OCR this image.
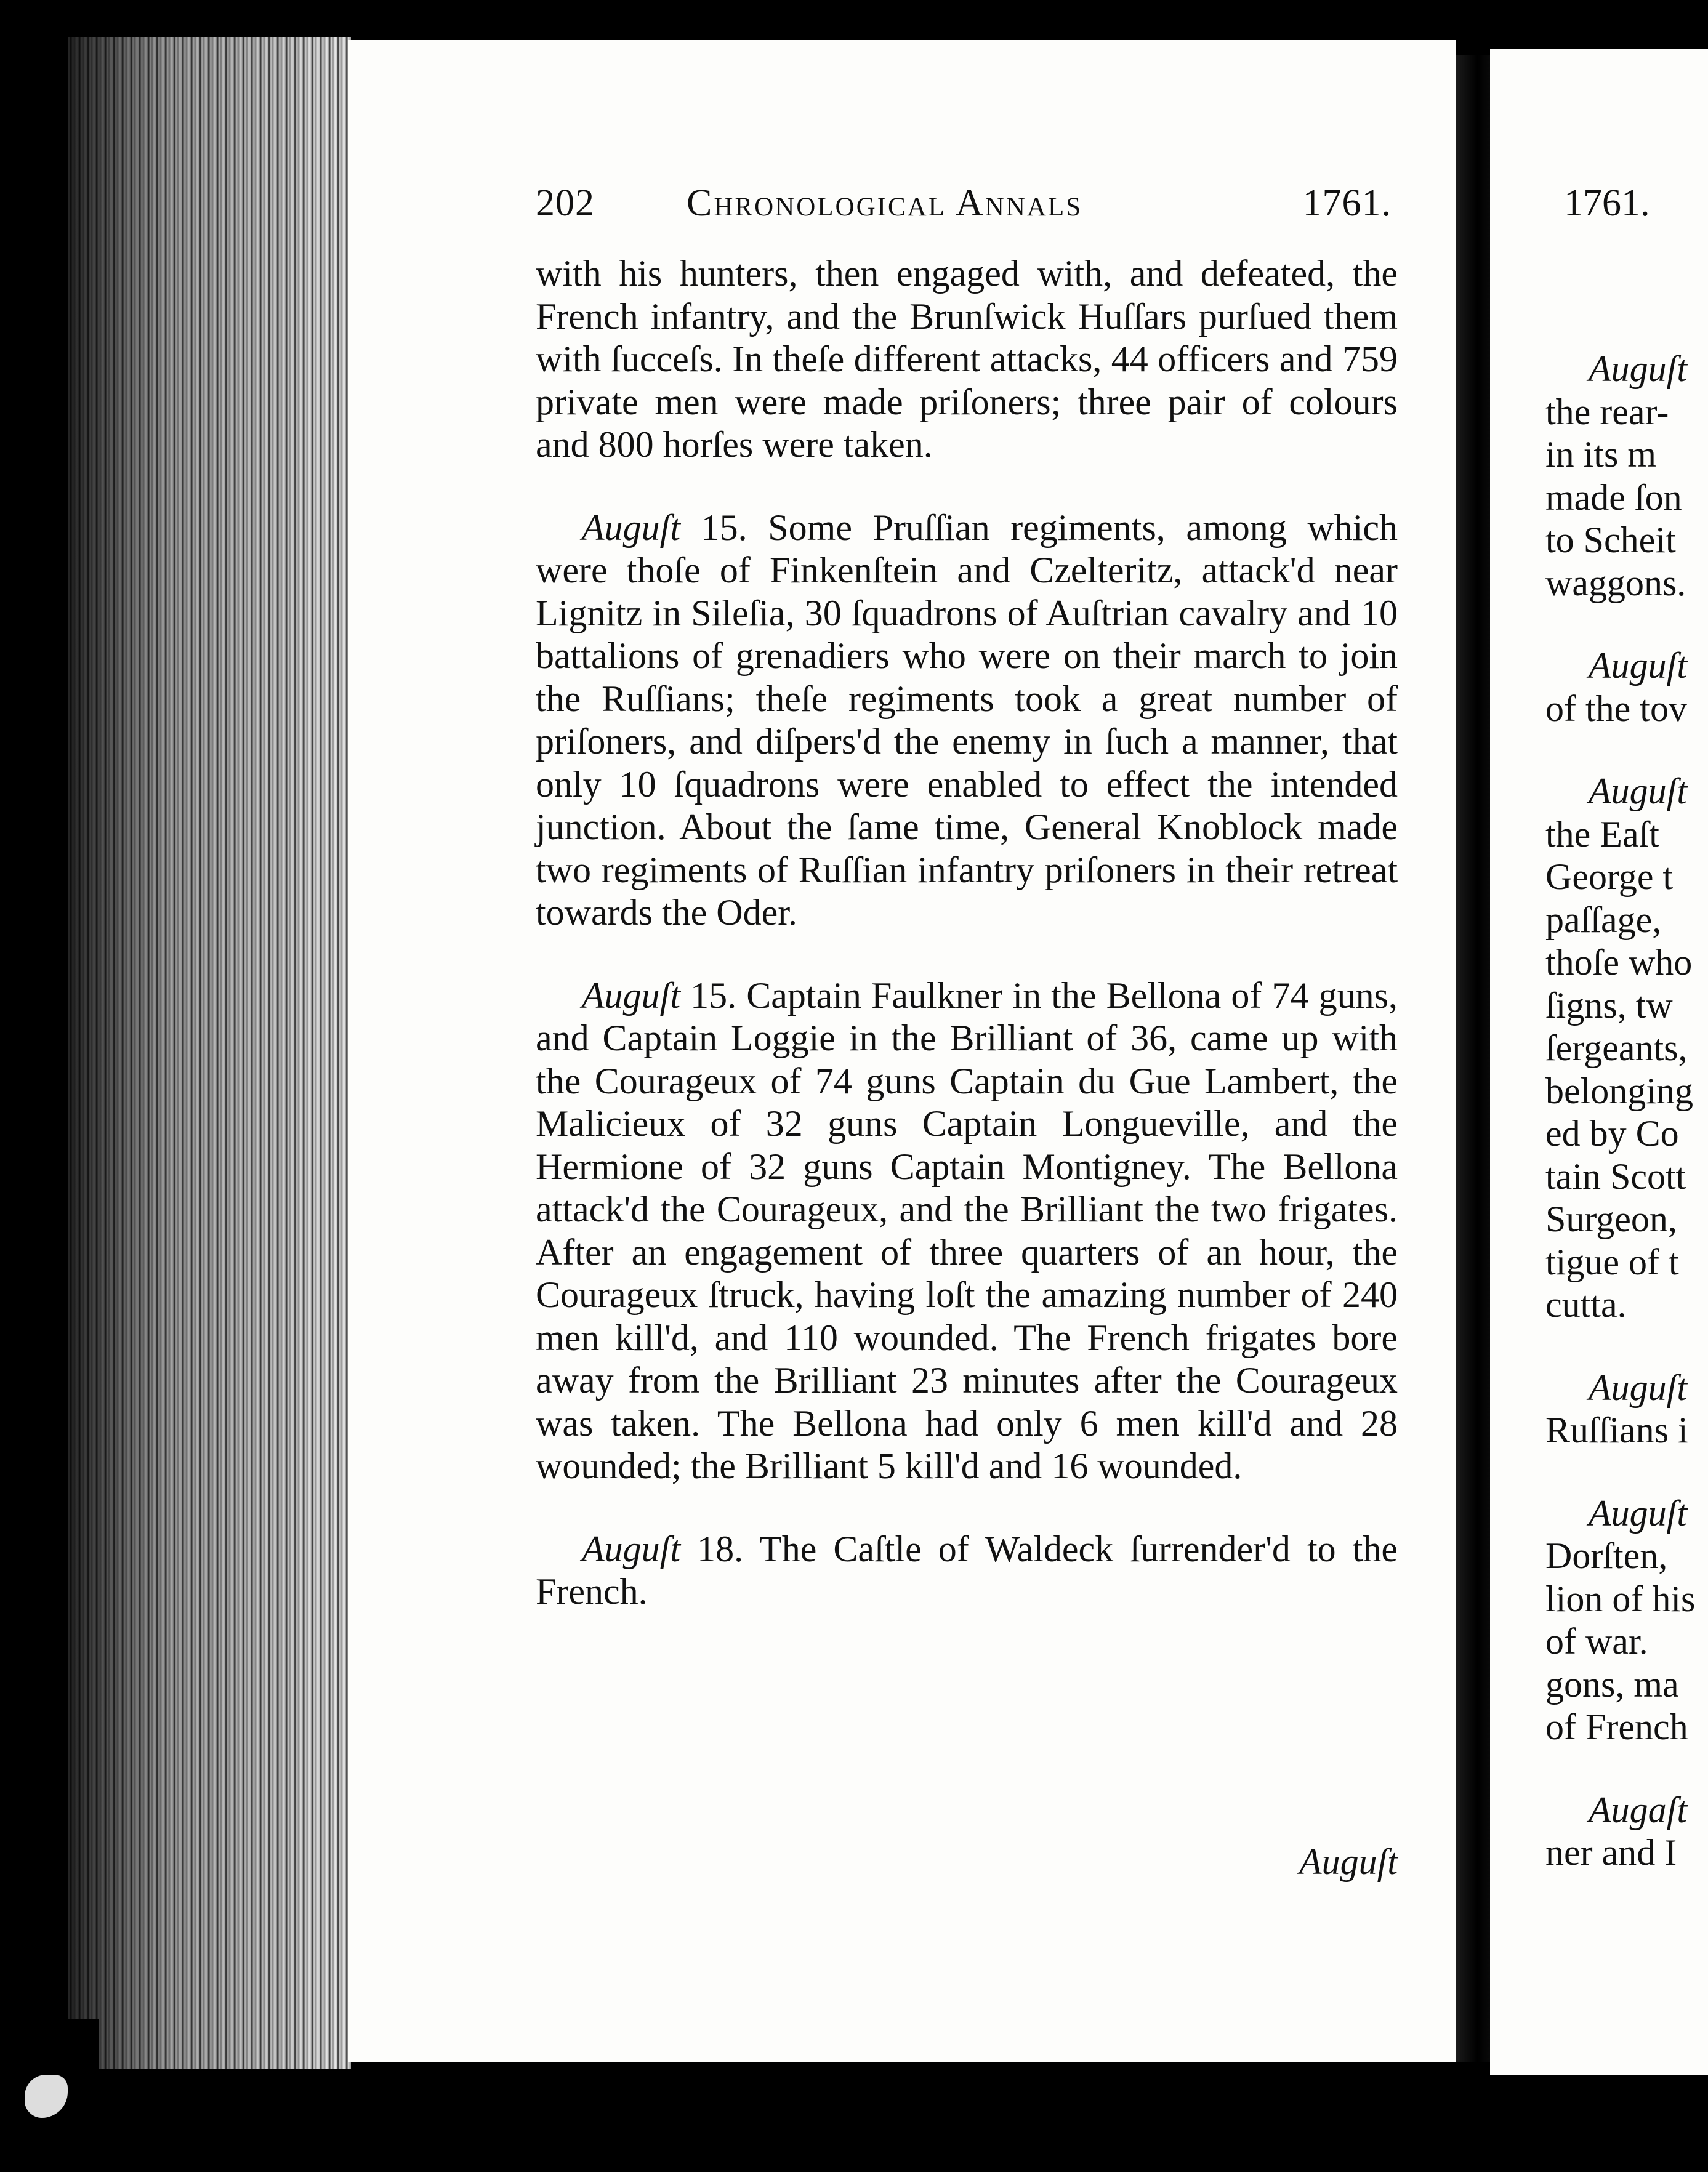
1761.
Auguſt
the rear-
in its m
made ſon
to Scheit
waggons.
Auguſt
of the tov
Auguſt
the Eaſt
George t
paſſage,
thoſe who
ſigns, tw
ſergeants,
belonging
ed by Co
tain Scott
Surgeon,
tigue of t
cutta.
Auguſt
Ruſſians i
Auguſt
Dorſten,
lion of his
of war.
gons, ma
of French
Augaſt
ner and I
202 Chronological Annals	1761.

with his hunters, then engaged with, and defeated, the French infantry, and the Brunſwick Huſſars purſued them with ſucceſs. In theſe different attacks, 44 officers and 759 private men were made priſoners; three pair of colours and 800 horſes were taken.

Auguſt 15. Some Pruſſian regiments, among which were thoſe of Finkenſtein and Czelteritz, attack'd near Lignitz in Sileſia, 30 ſquadrons of Auſtrian cavalry and 10 battalions of grenadiers who were on their march to join the Ruſſians; theſe regiments took a great number of priſoners, and diſpers'd the enemy in ſuch a manner, that only 10 ſquadrons were enabled to effect the intended junction. About the ſame time, General Knoblock made two regiments of Ruſſian infantry priſoners in their retreat towards the Oder.

Auguſt 15. Captain Faulkner in the Bellona of 74 guns, and Captain Loggie in the Brilliant of 36, came up with the Courageux of 74 guns Captain du Gue Lambert, the Malicieux of 32 guns Captain Longueville, and the Hermione of 32 guns Captain Montigney. The Bellona attack'd the Courageux, and the Brilliant the two frigates. After an engagement of three quarters of an hour, the Courageux ſtruck, having loſt the amazing number of 240 men kill'd, and 110 wounded. The French frigates bore away from the Brilliant 23 minutes after the Courageux was taken. The Bellona had only 6 men kill'd and 28 wounded; the Brilliant 5 kill'd and 16 wounded.

Auguſt 18. The Caſtle of Waldeck ſurrender'd to the French.

Auguſt
